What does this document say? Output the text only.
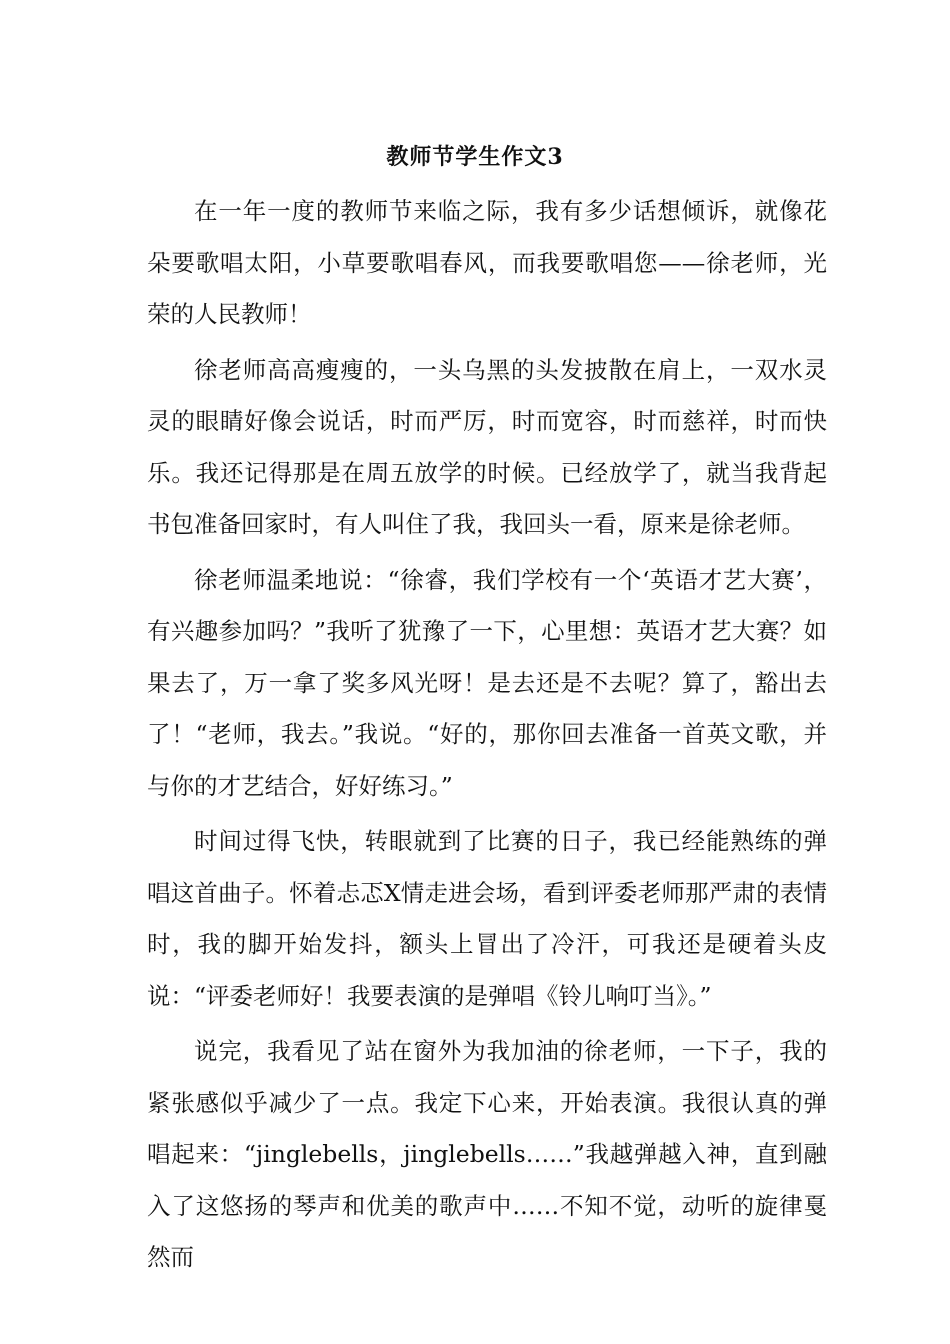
教师节学生作文3

在一年一度的教师节来临之际，我有多少话想倾诉，就像花朵要歌唱太阳，小草要歌唱春风，而我要歌唱您——徐老师，光荣的人民教师！

徐老师高高瘦瘦的，一头乌黑的头发披散在肩上，一双水灵灵的眼睛好像会说话，时而严厉，时而宽容，时而慈祥，时而快乐。我还记得那是在周五放学的时候。已经放学了，就当我背起书包准备回家时，有人叫住了我，我回头一看，原来是徐老师。

徐老师温柔地说：“徐睿，我们学校有一个‘英语才艺大赛’，有兴趣参加吗？”我听了犹豫了一下，心里想：英语才艺大赛？如果去了，万一拿了奖多风光呀！是去还是不去呢？算了，豁出去了！“老师，我去。”我说。“好的，那你回去准备一首英文歌，并与你的才艺结合，好好练习。”

时间过得飞快，转眼就到了比赛的日子，我已经能熟练的弹唱这首曲子。怀着忐忑X情走进会场，看到评委老师那严肃的表情时，我的脚开始发抖，额头上冒出了冷汗，可我还是硬着头皮说：“评委老师好！我要表演的是弹唱《铃儿响叮当》。”

说完，我看见了站在窗外为我加油的徐老师，一下子，我的紧张感似乎减少了一点。我定下心来，开始表演。我很认真的弹唱起来：“jinglebells，jinglebells……”我越弹越入神，直到融入了这悠扬的琴声和优美的歌声中……不知不觉，动听的旋律戛然而
